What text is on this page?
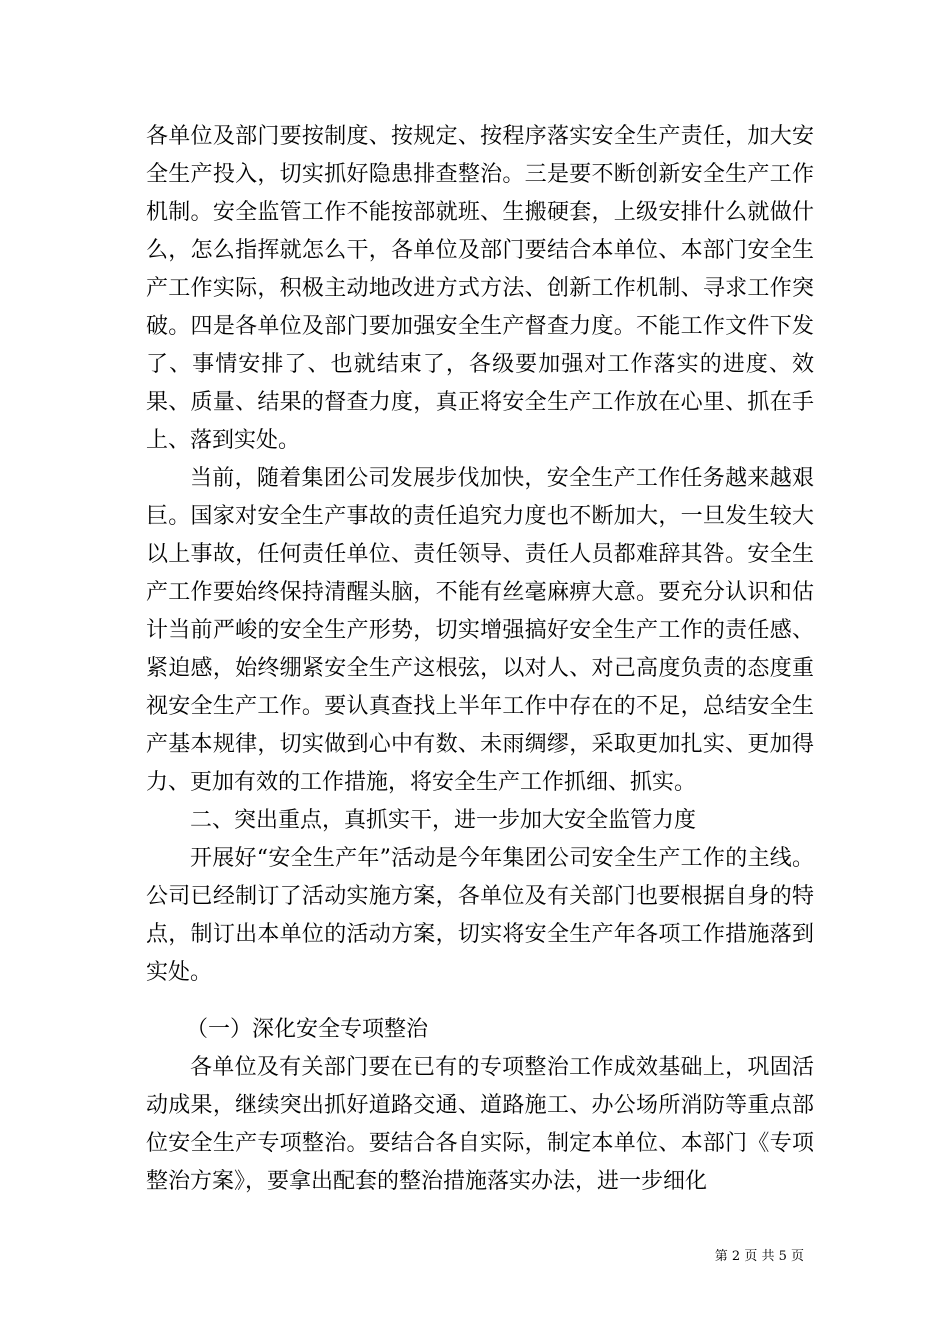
各单位及部门要按制度、按规定、按程序落实安全生产责任，加大安全生产投入，切实抓好隐患排查整治。三是要不断创新安全生产工作机制。安全监管工作不能按部就班、生搬硬套，上级安排什么就做什么，怎么指挥就怎么干，各单位及部门要结合本单位、本部门安全生产工作实际，积极主动地改进方式方法、创新工作机制、寻求工作突破。四是各单位及部门要加强安全生产督查力度。不能工作文件下发了、事情安排了、也就结束了，各级要加强对工作落实的进度、效果、质量、结果的督查力度，真正将安全生产工作放在心里、抓在手上、落到实处。

当前，随着集团公司发展步伐加快，安全生产工作任务越来越艰巨。国家对安全生产事故的责任追究力度也不断加大，一旦发生较大以上事故，任何责任单位、责任领导、责任人员都难辞其咎。安全生产工作要始终保持清醒头脑，不能有丝毫麻痹大意。要充分认识和估计当前严峻的安全生产形势，切实增强搞好安全生产工作的责任感、紧迫感，始终绷紧安全生产这根弦，以对人、对己高度负责的态度重视安全生产工作。要认真查找上半年工作中存在的不足，总结安全生产基本规律，切实做到心中有数、未雨绸缪，采取更加扎实、更加得力、更加有效的工作措施，将安全生产工作抓细、抓实。

二、突出重点，真抓实干，进一步加大安全监管力度

开展好“安全生产年”活动是今年集团公司安全生产工作的主线。公司已经制订了活动实施方案，各单位及有关部门也要根据自身的特点，制订出本单位的活动方案，切实将安全生产年各项工作措施落到实处。

（一）深化安全专项整治

各单位及有关部门要在已有的专项整治工作成效基础上，巩固活动成果，继续突出抓好道路交通、道路施工、办公场所消防等重点部位安全生产专项整治。要结合各自实际，制定本单位、本部门《专项整治方案》，要拿出配套的整治措施落实办法，进一步细化

第 2 页 共 5 页
